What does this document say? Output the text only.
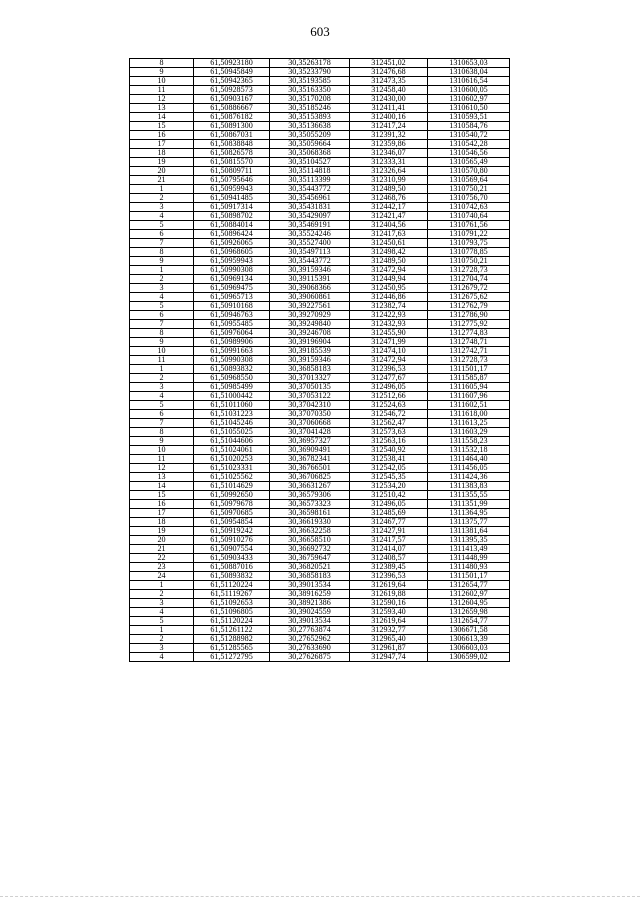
603
8	61,50923180	30,35263178	312451,02	1310653,03
9	61,50945849	30,35233790	312476,68	1310638,04
10	61,50942365	30,35193585	312473,35	1310616,54
11	61,50928573	30,35163350	312458,40	1310600,05
12	61,50903167	30,35170208	312430,00	1310602,97
13	61,50886667	30,35185246	312411,41	1310610,50
14	61,50876182	30,35153893	312400,16	1310593,51
15	61,50891300	30,35136638	312417,24	1310584,76
16	61,50867031	30,35055209	312391,32	1310540,72
17	61,50838848	30,35059664	312359,86	1310542,28
18	61,50826578	30,35068368	312346,07	1310546,56
19	61,50815570	30,35104527	312333,31	1310565,49
20	61,50809711	30,35114818	312326,64	1310570,80
21	61,50795646	30,35113399	312310,99	1310569,64
1	61,50959943	30,35443772	312489,50	1310750,21
2	61,50941485	30,35456961	312468,76	1310756,70
3	61,50917314	30,35431831	312442,17	1310742,63
4	61,50898702	30,35429097	312421,47	1310740,64
5	61,50884014	30,35469191	312404,56	1310761,56
6	61,50896424	30,35524246	312417,63	1310791,22
7	61,50926065	30,35527400	312450,61	1310793,75
8	61,50968605	30,35497113	312498,42	1310778,85
9	61,50959943	30,35443772	312489,50	1310750,21
1	61,50990308	30,39159346	312472,94	1312728,73
2	61,50969134	30,39115391	312449,94	1312704,74
3	61,50969475	30,39068366	312450,95	1312679,72
4	61,50965713	30,39060861	312446,86	1312675,62
5	61,50910168	30,39227561	312382,74	1312762,79
6	61,50946763	30,39270929	312422,93	1312786,90
7	61,50955485	30,39249840	312432,93	1312775,92
8	61,50976064	30,39246708	312455,90	1312774,83
9	61,50989906	30,39196904	312471,99	1312748,71
10	61,50991663	30,39185539	312474,10	1312742,71
11	61,50990308	30,39159346	312472,94	1312728,73
1	61,50893832	30,36858183	312396,53	1311501,17
2	61,50968550	30,37013327	312477,67	1311585,87
3	61,50985499	30,37050135	312496,05	1311605,94
4	61,51000442	30,37053122	312512,66	1311607,96
5	61,51011060	30,37042310	312524,63	1311602,51
6	61,51031223	30,37070350	312546,72	1311618,00
7	61,51045246	30,37060668	312562,47	1311613,25
8	61,51055025	30,37041428	312573,63	1311603,29
9	61,51044606	30,36957327	312563,16	1311558,23
10	61,51024061	30,36909491	312540,92	1311532,18
11	61,51020253	30,36782341	312538,41	1311464,40
12	61,51023331	30,36766501	312542,05	1311456,05
13	61,51025562	30,36706825	312545,35	1311424,36
14	61,51014629	30,36631267	312534,20	1311383,83
15	61,50992650	30,36579306	312510,42	1311355,55
16	61,50979678	30,36573323	312496,05	1311351,99
17	61,50970685	30,36598161	312485,69	1311364,95
18	61,50954854	30,36619330	312467,77	1311375,77
19	61,50919242	30,36632258	312427,91	1311381,64
20	61,50910276	30,36658510	312417,57	1311395,35
21	61,50907554	30,36692732	312414,07	1311413,49
22	61,50903433	30,36759647	312408,57	1311448,99
23	61,50887016	30,36820521	312389,45	1311480,93
24	61,50893832	30,36858183	312396,53	1311501,17
1	61,51120224	30,39013534	312619,64	1312654,77
2	61,51119267	30,38916259	312619,88	1312602,97
3	61,51092653	30,38921386	312590,16	1312604,95
4	61,51096805	30,39024559	312593,40	1312659,98
5	61,51120224	30,39013534	312619,64	1312654,77
1	61,51261122	30,27763874	312932,77	1306671,58
2	61,51288982	30,27652962	312965,40	1306613,39
3	61,51285565	30,27633690	312961,87	1306603,03
4	61,51272795	30,27626875	312947,74	1306599,02
